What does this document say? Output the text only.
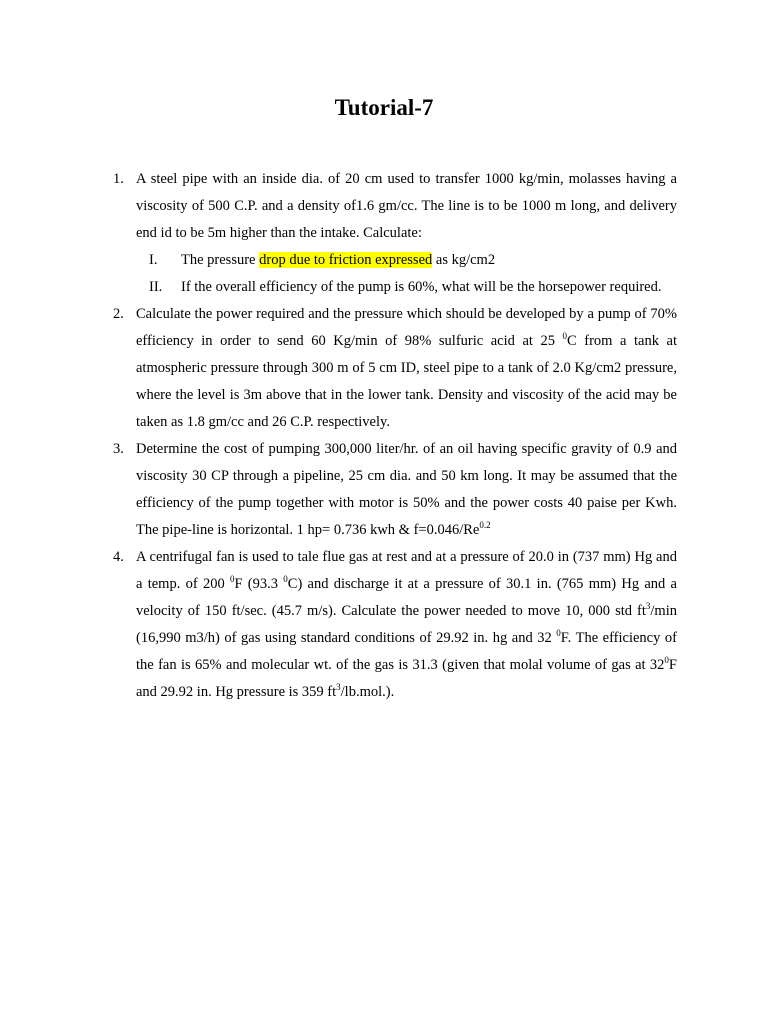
Tutorial-7
1. A steel pipe with an inside dia. of 20 cm used to transfer 1000 kg/min, molasses having a viscosity of 500 C.P. and a density of1.6 gm/cc. The line is to be 1000 m long, and delivery end id to be 5m higher than the intake. Calculate:

I. The pressure drop due to friction expressed as kg/cm2

II. If the overall efficiency of the pump is 60%, what will be the horsepower required.

2. Calculate the power required and the pressure which should be developed by a pump of 70% efficiency in order to send 60 Kg/min of 98% sulfuric acid at 25 $^0$C from a tank at atmospheric pressure through 300 m of 5 cm ID, steel pipe to a tank of 2.0 Kg/cm2 pressure, where the level is 3m above that in the lower tank. Density and viscosity of the acid may be taken as 1.8 gm/cc and 26 C.P. respectively.

3. Determine the cost of pumping 300,000 liter/hr. of an oil having specific gravity of 0.9 and viscosity 30 CP through a pipeline, 25 cm dia. and 50 km long. It may be assumed that the efficiency of the pump together with motor is 50% and the power costs 40 paise per Kwh. The pipe-line is horizontal. 1 hp= 0.736 kwh & $f=0.046/Re^{0.2}$

4. A centrifugal fan is used to tale flue gas at rest and at a pressure of 20.0 in (737 mm) Hg and a temp. of 200 $^0$F (93.3 $^0$C) and discharge it at a pressure of 30.1 in. (765 mm) Hg and a velocity of 150 ft/sec. (45.7 m/s). Calculate the power needed to move 10, 000 std $ft^3/\min$ (16,990 m3/h) of gas using standard conditions of 29.92 in. hg and 32 $^0$F. The efficiency of the fan is 65% and molecular wt. of the gas is 31.3 (given that molal volume of gas at $32^0F$ and 29.92 in. Hg pressure is 359 $ft^3/lb.mol$.).
